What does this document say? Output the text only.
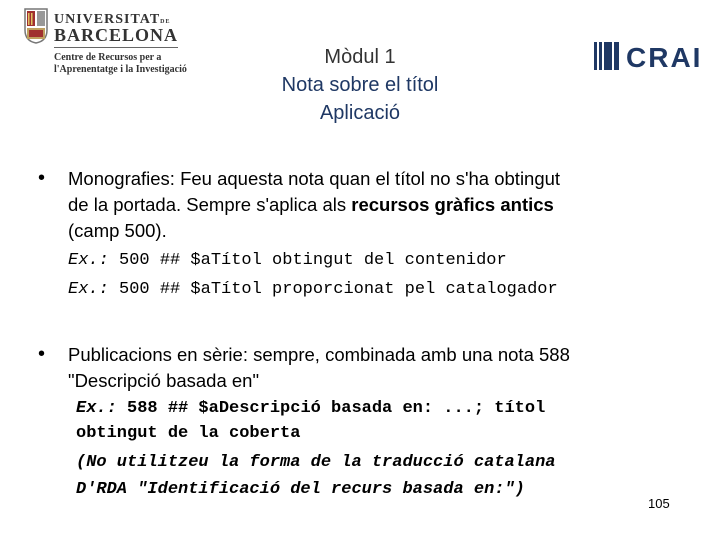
UNIVERSITATDE
BARCELONA
Centre de Recursos per a
l'Aprenentatge i la Investigació	CRAI
Mòdul 1
Nota sobre el títol
Aplicació
• Monografies: Feu aquesta nota quan el títol no s'ha obtingut
de la portada. Sempre s'aplica als recursos gràfics antics
(camp 500).
Ex.: 500 ## $aTítol obtingut del contenidor
Ex.: 500 ## $aTítol proporcionat pel catalogador
• Publicacions en sèrie: sempre, combinada amb una nota 588
"Descripció basada en"
Ex.: 588 ## $aDescripció basada en: ...; títol
obtingut de la coberta
(No utilitzeu la forma de la traducció catalana
D'RDA "Identificació del recurs basada en:")
105
